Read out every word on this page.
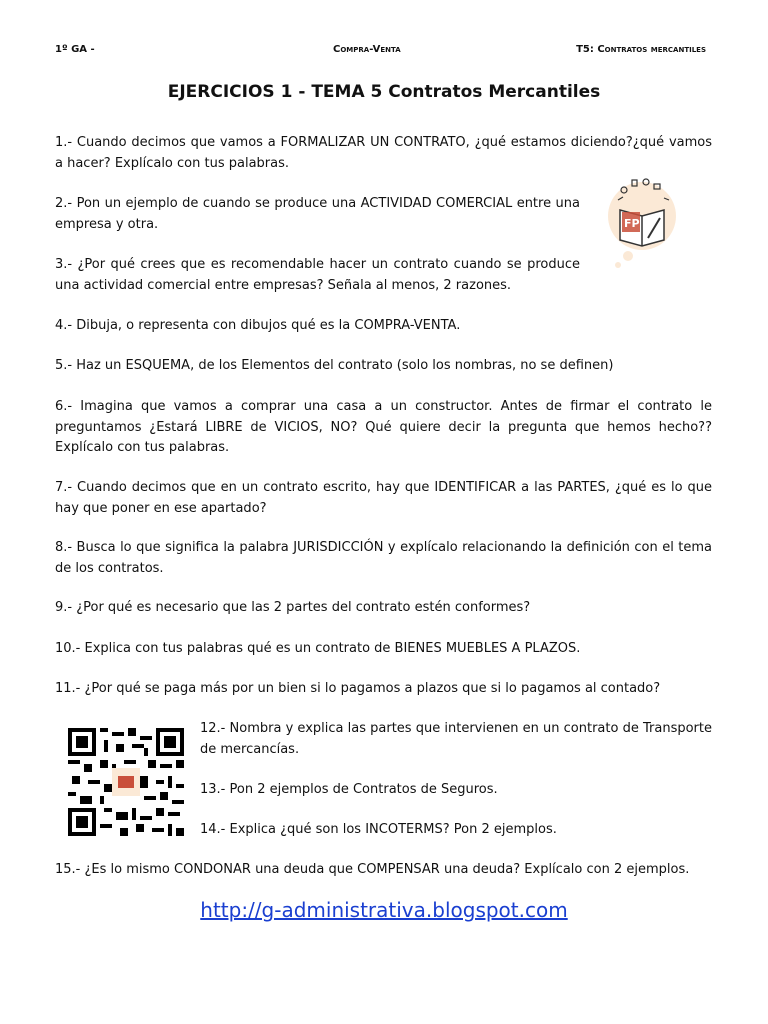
1º GA -	Compra-Venta	T5: Contratos mercantiles
EJERCICIOS 1 - TEMA 5 Contratos Mercantiles
1.- Cuando decimos que vamos a FORMALIZAR UN CONTRATO, ¿qué estamos diciendo?¿qué vamos a hacer? Explícalo con tus palabras.
2.- Pon un ejemplo de cuando se produce una ACTIVIDAD COMERCIAL entre una empresa y otra.
3.- ¿Por qué crees que es recomendable hacer un contrato cuando se produce una actividad comercial entre empresas? Señala al menos, 2 razones.
4.- Dibuja, o representa con dibujos qué es la COMPRA-VENTA.
5.- Haz un ESQUEMA, de los Elementos del contrato (solo los nombras, no se definen)
6.- Imagina que vamos a comprar una casa a un constructor. Antes de firmar el contrato le preguntamos ¿Estará LIBRE de VICIOS, NO? Qué quiere decir la pregunta que hemos hecho?? Explícalo con tus palabras.
7.- Cuando decimos que en un contrato escrito, hay que IDENTIFICAR a las PARTES, ¿qué es lo que hay que poner en ese apartado?
8.- Busca lo que significa la palabra JURISDICCIÓN y explícalo relacionando la definición con el tema de los contratos.
9.- ¿Por qué es necesario que las 2 partes del contrato estén conformes?
10.- Explica con tus palabras qué es un contrato de BIENES MUEBLES A PLAZOS.
11.- ¿Por qué se paga más por un bien si lo pagamos a plazos que si lo pagamos al contado?
12.- Nombra y explica las partes que intervienen en un contrato de Transporte de mercancías.
13.- Pon 2 ejemplos de Contratos de Seguros.
14.- Explica ¿qué son los INCOTERMS? Pon 2 ejemplos.
15.- ¿Es lo mismo CONDONAR una deuda que COMPENSAR una deuda? Explícalo con 2 ejemplos.
FP
http://g-administrativa.blogspot.com
